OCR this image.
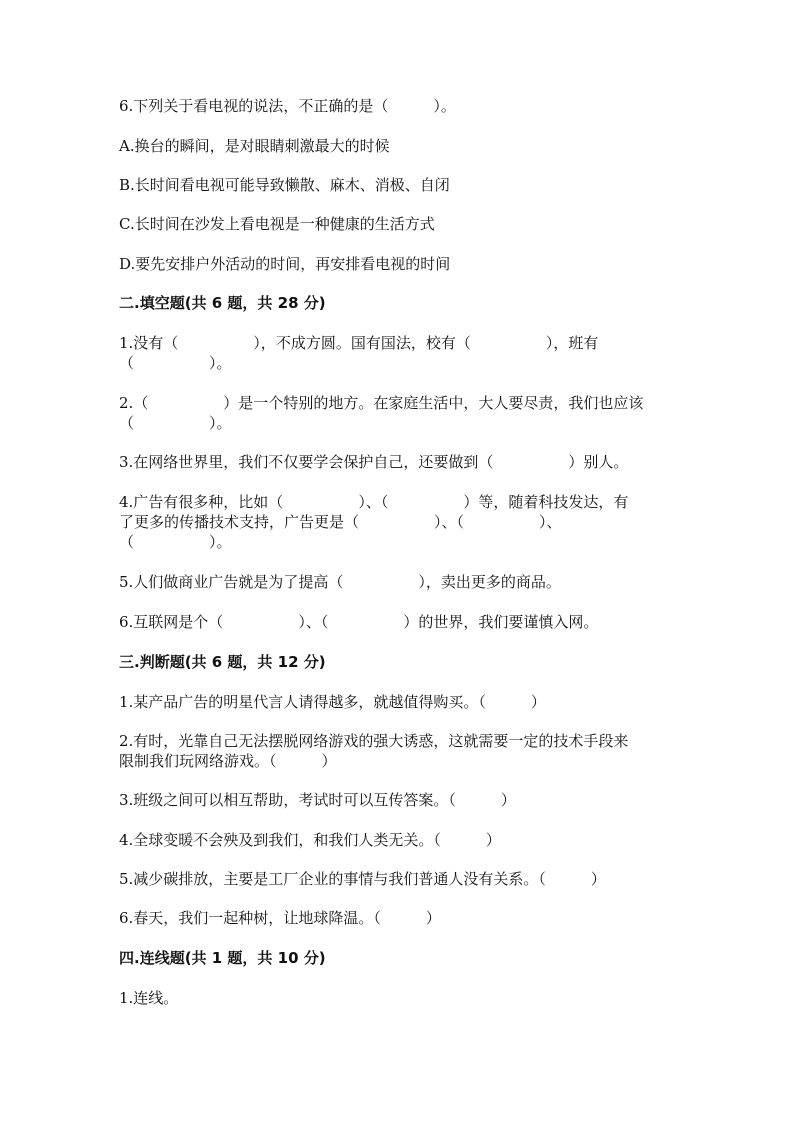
6.下列关于看电视的说法，不正确的是（　　　）。
A.换台的瞬间，是对眼睛刺激最大的时候
B.长时间看电视可能导致懒散、麻木、消极、自闭
C.长时间在沙发上看电视是一种健康的生活方式
D.要先安排户外活动的时间，再安排看电视的时间
二.填空题(共 6 题，共 28 分)
1.没有（　　　　　），不成方圆。国有国法，校有（　　　　　），班有
（　　　　　）。
2.（　　　　　）是一个特别的地方。在家庭生活中，大人要尽责，我们也应该
（　　　　　）。
3.在网络世界里，我们不仅要学会保护自己，还要做到（　　　　　）别人。
4.广告有很多种，比如（　　　　　）、（　　　　　）等，随着科技发达，有
了更多的传播技术支持，广告更是（　　　　　）、（　　　　　）、
（　　　　　）。
5.人们做商业广告就是为了提高（　　　　　），卖出更多的商品。
6.互联网是个（　　　　　）、（　　　　　）的世界，我们要谨慎入网。
三.判断题(共 6 题，共 12 分)
1.某产品广告的明星代言人请得越多，就越值得购买。（　　　）
2.有时，光靠自己无法摆脱网络游戏的强大诱惑，这就需要一定的技术手段来
限制我们玩网络游戏。（　　　）
3.班级之间可以相互帮助，考试时可以互传答案。（　　　）
4.全球变暖不会殃及到我们，和我们人类无关。（　　　）
5.减少碳排放，主要是工厂企业的事情与我们普通人没有关系。（　　　）
6.春天，我们一起种树，让地球降温。（　　　）
四.连线题(共 1 题，共 10 分)
1.连线。
